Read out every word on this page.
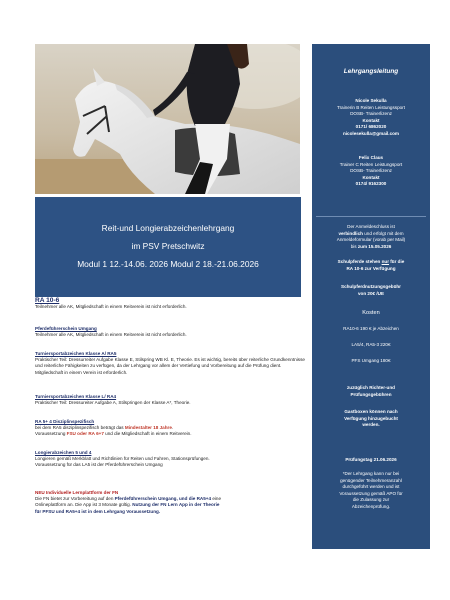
Reit-und Longierabzeichenlehrgang
im PSV Pretschwitz
Modul 1 12.-14.06. 2026 Modul 2 18.-21.06.2026
Lehrgangsleitung
Nicole Sekulla
Trainerin B Reiten Leistungssport
DOSB- Trainerlizenz
Kontakt
0171/ 6862020
nicolesekulla@gmail.com
Felix Claus
Trainer C Reiten Leistungsport
DOSB- Trainerlizenz
Kontakt
0174/ 9162300
Der Anmeldeschluss ist
verbindlich und erfolgt mit dem
Anmeldeformular (vorab per Mail)
bis zum 15.05.2026
Schulpferde stehen nur für die
RA 10-6 zur Verfügung
Schulpferdnutzungsgebühr
von 20€ /UE
Kosten
RA10-6 190 € je Abzeichen
LA5/4, RA5-3 220€
PFS Umgang 180€
zuzüglich Richter-und
Prüfungsgebühren
Gastboxen können nach
Verfügung hinzugebucht
werden.
Prüfungstag 21.06.2026
*Der Lehrgang kann nur bei
genügender Teilnehmeranzahl
durchgeführt werden und ist
Voraussetzung gemäß APO für
die Zulassung zur
Abzeichenprüfung.
RA 10-6

Teilnehmer alle AK, Mitgliedschaft in einem Reitverein ist nicht erforderlich.

Pferdeführerschein Umgang

Teilnehmer alle AK, Mitgliedschaft in einem Reitverein ist nicht erforderlich.

Turniersportabzeichen Klasse A/ RA5

Praktischer Teil: Dressurreiter Aufgabe Klasse E, Stilspring WB Kl. E, Theorie. Es ist wichtig, bereits über reiterliche Grundkenntnisse und reiterliche Fähigkeiten zu verfügen, da der Lehrgang vor allem der Vertiefung und Vorbereitung auf die Prüfung dient. Mitgliedschaft in einem Verein ist erforderlich.

Turniersportabzeichen Klasse L/ RA4

Praktischer Teil: Dressureiter Aufgabe A, Stilspringen der Klasse A*, Theorie.

RA 5+ 4 Disziplinspezifisch

bei dem RA5 disziplinspezifisch beträgt das Mindestalter 18 Jahre.

Voraussetzung FSU oder RA 6+7 und die Mitgliedschaft in einem Reitverein.

Longierabzeichen 5 und 4

Longieren gemäß Merkblatt und Richtlinien für Reiten und Fahren, Stationsprüfungen.

Voraussetzung für das LA5 ist der Pferdeführerschein Umgang

NEU Individuelle Lernplattform der FN

Die FN bietet zur Vorbereitung auf den Pferdeführerschein Umgang, und die RA5+4 eine

Onlineplattform an. Die App ist 3 Monate gültig. Nutzung der FN Lern App in der Theorie

für PFSU und RA5+4 ist in dem Lehrgang Voraussetzung.
